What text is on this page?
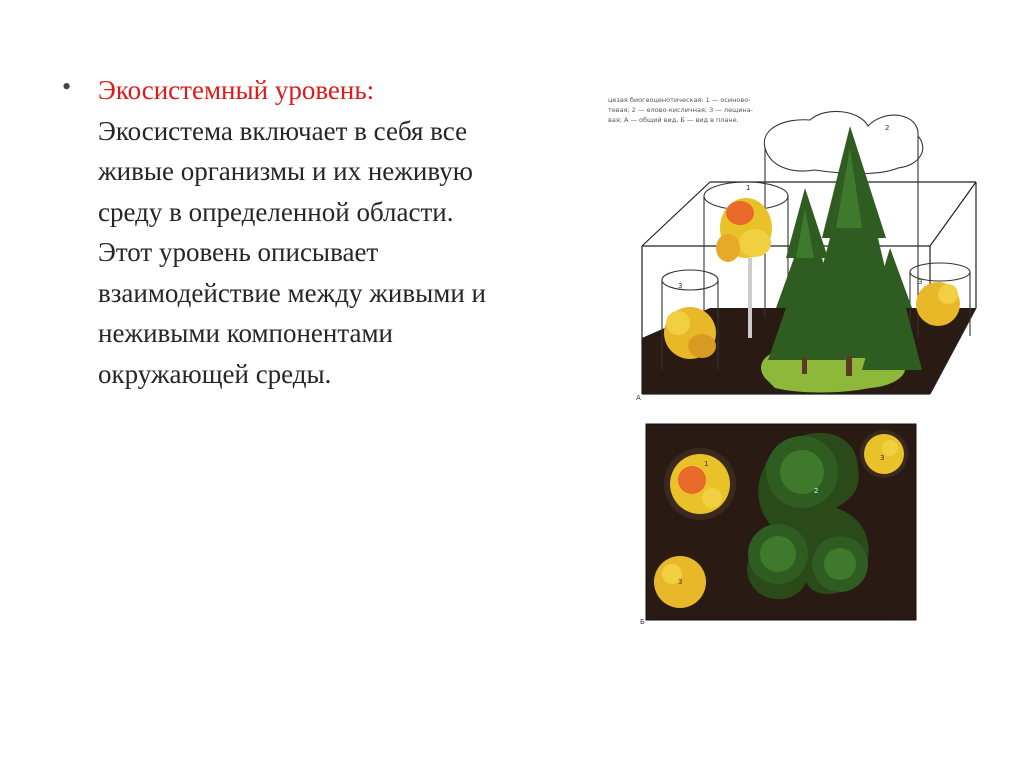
• Экосистемный уровень:
Экосистема включает в себя все
живые организмы и их неживую
среду в определенной области.
Этот уровень описывает
взаимодействие между живыми и
неживыми компонентами
окружающей среды.
цезая биогеоценотическая: 1 — осиново-
тевая; 2 — елово-кисличная; 3 — лещина-
вая; А — общий вид, Б — вид в плане.
2
1
3	3
А
2
1
3
3
Б
